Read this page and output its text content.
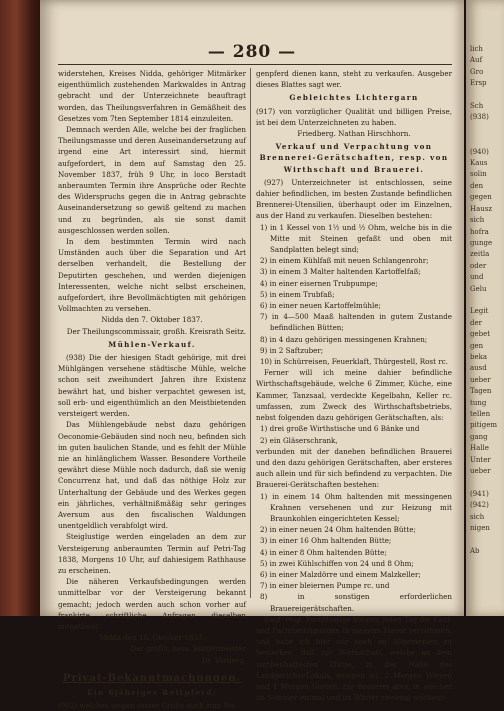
— 280 —

widerstehen, Kreises Nidda, gehöriger Mitmärker eigenthümlich zustehenden Markwaldes in Antrag gebracht und der Unterzeichnete beauftragt worden, das Theilungsverfahren in Gemäßheit des Gesetzes vom 7ten September 1814 einzuleiten.

Demnach werden Alle, welche bei der fraglichen Theilungsmasse und deren Auseinandersetzung auf irgend eine Art interessirt sind, hiermit aufgefordert, in dem auf Samstag den 25. November 1837, früh 9 Uhr, in loco Berstadt anberaumten Termin ihre Ansprüche oder Rechte des Widerspruchs gegen die in Antrag gebrachte Auseinandersetzung so gewiß geltend zu machen und zu begründen, als sie sonst damit ausgeschlossen werden sollen.

In dem bestimmten Termin wird nach Umständen auch über die Separation und Art derselben verhandelt, die Bestellung der Deputirten geschehen, und werden diejenigen Interessenten, welche nicht selbst erscheinen, aufgefordert, ihre Bevollmächtigten mit gehörigen Vollmachten zu versehen.

Nidda den 7. Oktober 1837.

Der Theilungscommissair, großh. Kreisrath Seitz.

Mühlen-Verkauf.

(938) Die der hiesigen Stadt gehörige, mit drei Mühlgängen versehene städtische Mühle, welche schon seit zweihundert Jahren ihre Existenz bewährt hat, und bisher verpachtet gewesen ist, soll erb- und eigenthümlich an den Meistbietenden versteigert werden.

Das Mühlengebäude nebst dazu gehörigen Oeconomie-Gebäuden sind noch neu, befinden sich im guten baulichen Stande, und es fehlt der Mühle nie an hinlänglichem Wasser. Besondere Vortheile gewährt diese Mühle noch dadurch, daß sie wenig Concurrenz hat, und daß das nöthige Holz zur Unterhaltung der Gebäude und des Werkes gegen ein jährliches, verhältnißmäßig sehr geringes Aversum aus den fiscalischen Waldungen unentgeldlich verabfolgt wird.

Steiglustige werden eingeladen an dem zur Versteigerung anberaumten Termin auf Petri-Tag 1838, Morgens 10 Uhr, auf dahiesigem Rathhause zu erscheinen.

Die näheren Verkaufsbedingungen werden unmittelbar vor der Versteigerung bekannt gemacht; jedoch werden auch schon vorher auf frankirte schriftliche Anfragen dieselben mitgetheilt.

Nidda den 10. Oktober 1837.

Der großh. hess. Bürgermeister

Dr. Vorberg.

Privat-Bekanntmachungen.

Ein 6jähriges Reitpferd;

(902) welches wegen seiner Größe auch zum Wa-

genpferd dienen kann, steht zu verkaufen. Ausgeber dieses Blattes sagt wer.

Gebleichtes Lichtergarn

(917) von vorzüglicher Qualität und billigen Preise, ist bei dem Unterzeichneten zu haben.

Friedberg. Nathan Hirschhorn.

Verkauf und Verpachtung von Brennerei-Gerätschaften, resp. von Wirthschaft und Brauerei.

(927) Unterzeichneter ist entschlossen, seine dahier befindlichen, im besten Zustande befindlichen Brennerei-Utensilien, überhaupt oder im Einzelnen, aus der Hand zu verkaufen. Dieselben bestehen:

1) in 1 Kessel von 1½ und ½ Ohm, welche bis in die Mitte mit Steinen gefaßt und oben mit Sandplatten belegt sind;
2) in einem Kühlfaß mit neuen Schlangenrohr;
3) in einem 3 Malter haltenden Kartoffelfaß;
4) in einer eisernen Trubpumpe;
5) in einem Trubfaß;
6) in einer neuen Kartoffelmühle;
7) in 4—500 Maaß haltenden in gutem Zustande befindlichen Bütten;
8) in 4 dazu gehörigen messingenen Krahnen;
9) in 2 Saftzuber;
10) in Schürreisen, Feuerklaft, Thürgestell, Rost rc.

Ferner will ich meine dahier befindliche Wirthschaftsgebäude, welche 6 Zimmer, Küche, eine Kammer, Tanzsaal, verdeckte Kegelbahn, Keller rc. umfassen, zum Zweck des Wirthschaftsbetriebs, nebst folgenden dazu gehörigen Gerätschaften, als:

1) drei große Wirthstische und 6 Bänke und
2) ein Gläserschrank,

verbunden mit der daneben befindlichen Brauerei und den dazu gehörigen Gerätschaften, aber ersteres auch allein und für sich befindend zu verpachten. Die Brauerei-Gerätschaften bestehen:

1) in einem 14 Ohm haltenden mit messingenen Krahnen versehenen und zur Heizung mit Braunkohlen eingerichteten Kessel;
2) in einer neuen 24 Ohm haltenden Bütte;
3) in einer 16 Ohm haltenden Bütte;
4) in einer 8 Ohm haltenden Bütte;
5) in zwei Kühlschiffen von 24 und 8 Ohm;
6) in einer Malzdörre und einem Malzkeller;
7) in einer bleiernen Pumpe rc. und
8) in sonstigen erforderlichen Brauereigerätschaften.

Kauf- resp. Pachtlustige können jeden Tag die Kauf- und Pachtbedingungen in meinem Hause vernehmen, und habe ich hier nur noch im Allgemeinen zu bemerken, daß zur Wirthschaft, welche an dem vortheilhaftesten Platze, in der Nähe des Landgerichts-Lokals, gelegen ist, 2 Morgen Wiesen und 1 Morgen Garten, zur Brauerei aber, in welcher im Sommer einmal und im Winter zweimal wöchent-

lich
Auf
Gro
Ersp

Sch
(938)

(940)
Kaus
solin
den
gegen
Hausz
sich
hofra
gunge
zeitla
oder
und
Gelu

Legit
der
gebet
gen
beka
ausd
ueber
Tagen
tung
tellen
pitigem
gang
Halle
Unter
ueber

(941)
(942)
sich
nigen

Ab
